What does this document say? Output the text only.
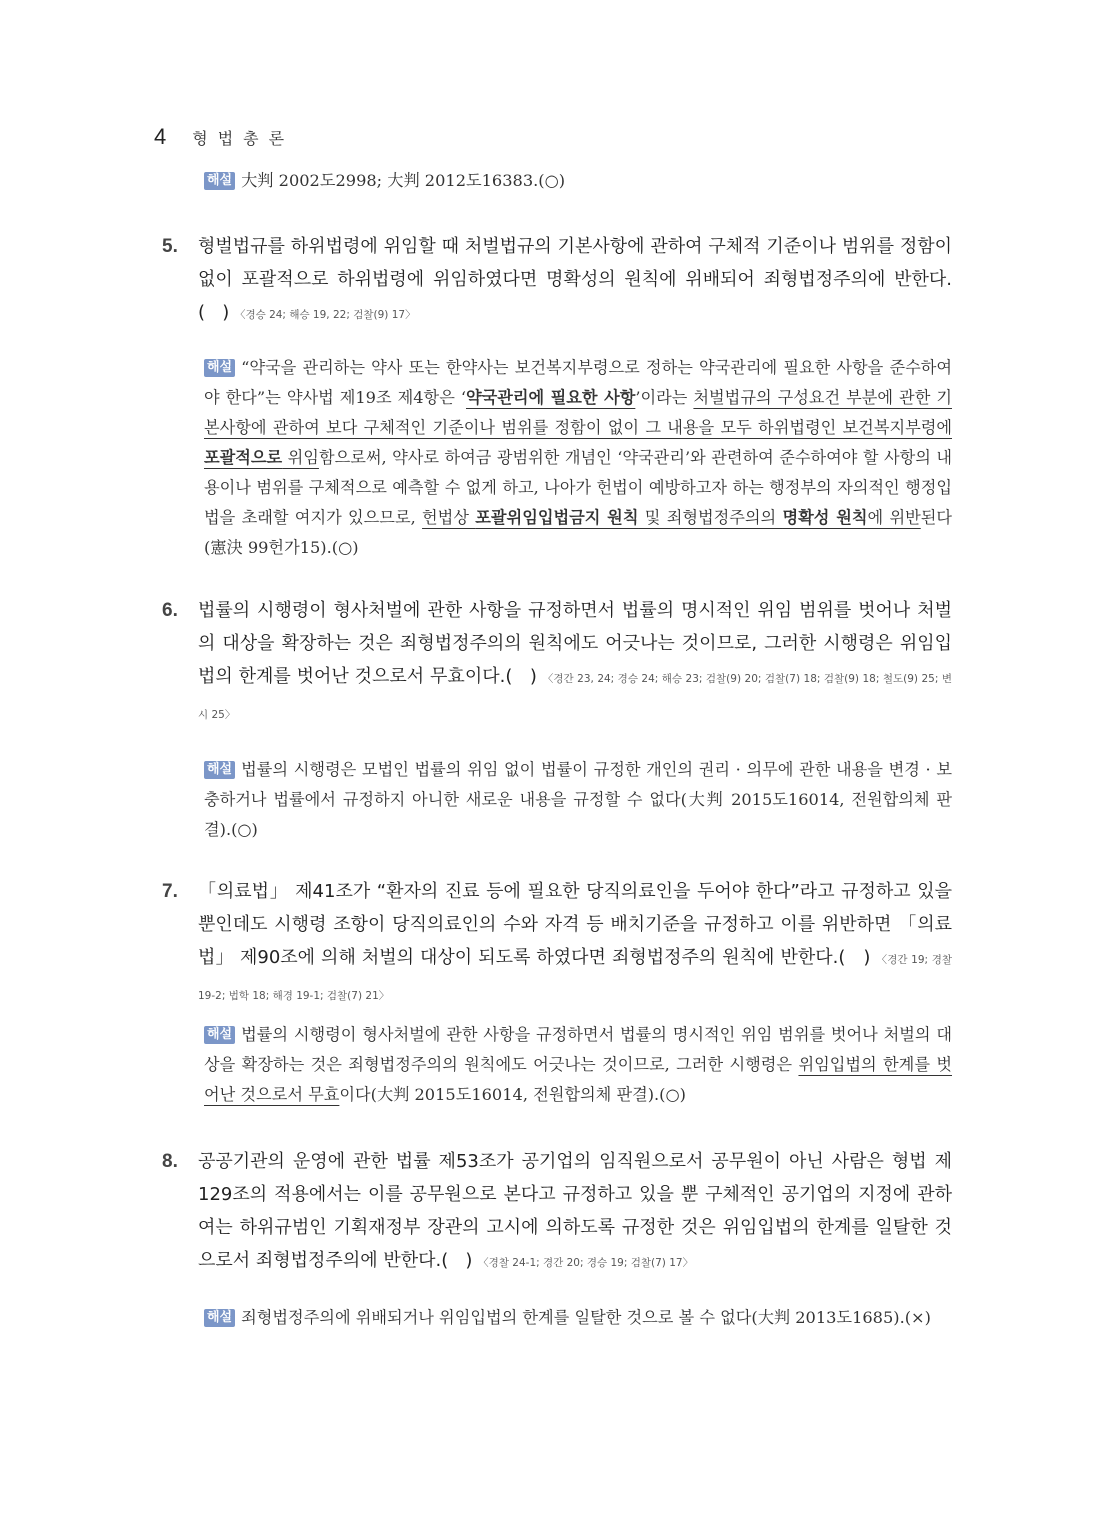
4 형법총론
해설 大判 2002도2998; 大判 2012도16383.(○)
5. 형벌법규를 하위법령에 위임할 때 처벌법규의 기본사항에 관하여 구체적 기준이나 범위를 정함이 없이 포괄적으로 하위법령에 위임하였다면 명확성의 원칙에 위배되어 죄형법정주의에 반한다.(   ) 〈경승 24; 해승 19, 22; 검찰(9) 17〉
해설 “약국을 관리하는 약사 또는 한약사는 보건복지부령으로 정하는 약국관리에 필요한 사항을 준수하여야 한다”는 약사법 제19조 제4항은 ‘약국관리에 필요한 사항’이라는 처벌법규의 구성요건 부분에 관한 기본사항에 관하여 보다 구체적인 기준이나 범위를 정함이 없이 그 내용을 모두 하위법령인 보건복지부령에 포괄적으로 위임함으로써, 약사로 하여금 광범위한 개념인 ‘약국관리’와 관련하여 준수하여야 할 사항의 내용이나 범위를 구체적으로 예측할 수 없게 하고, 나아가 헌법이 예방하고자 하는 행정부의 자의적인 행정입법을 초래할 여지가 있으므로, 헌법상 포괄위임입법금지 원칙 및 죄형법정주의의 명확성 원칙에 위반된다(憲決 99헌가15).(○)
6. 법률의 시행령이 형사처벌에 관한 사항을 규정하면서 법률의 명시적인 위임 범위를 벗어나 처벌의 대상을 확장하는 것은 죄형법정주의의 원칙에도 어긋나는 것이므로, 그러한 시행령은 위임입법의 한계를 벗어난 것으로서 무효이다.(   ) 〈경간 23, 24; 경승 24; 해승 23; 검찰(9) 20; 검찰(7) 18; 검찰(9) 18; 철도(9) 25; 변시 25〉
해설 법률의 시행령은 모법인 법률의 위임 없이 법률이 규정한 개인의 권리 · 의무에 관한 내용을 변경 · 보충하거나 법률에서 규정하지 아니한 새로운 내용을 규정할 수 없다(大判 2015도16014, 전원합의체 판결).(○)
7. 「의료법」 제41조가 “환자의 진료 등에 필요한 당직의료인을 두어야 한다”라고 규정하고 있을 뿐인데도 시행령 조항이 당직의료인의 수와 자격 등 배치기준을 규정하고 이를 위반하면 「의료법」 제90조에 의해 처벌의 대상이 되도록 하였다면 죄형법정주의 원칙에 반한다.(   ) 〈경간 19; 경찰 19-2; 법학 18; 해경 19-1; 검찰(7) 21〉
해설 법률의 시행령이 형사처벌에 관한 사항을 규정하면서 법률의 명시적인 위임 범위를 벗어나 처벌의 대상을 확장하는 것은 죄형법정주의의 원칙에도 어긋나는 것이므로, 그러한 시행령은 위임입법의 한계를 벗어난 것으로서 무효이다(大判 2015도16014, 전원합의체 판결).(○)
8. 공공기관의 운영에 관한 법률 제53조가 공기업의 임직원으로서 공무원이 아닌 사람은 형법 제129조의 적용에서는 이를 공무원으로 본다고 규정하고 있을 뿐 구체적인 공기업의 지정에 관하여는 하위규범인 기획재정부 장관의 고시에 의하도록 규정한 것은 위임입법의 한계를 일탈한 것으로서 죄형법정주의에 반한다.(   ) 〈경찰 24-1; 경간 20; 경승 19; 검찰(7) 17〉
해설 죄형법정주의에 위배되거나 위임입법의 한계를 일탈한 것으로 볼 수 없다(大判 2013도1685).(×)
